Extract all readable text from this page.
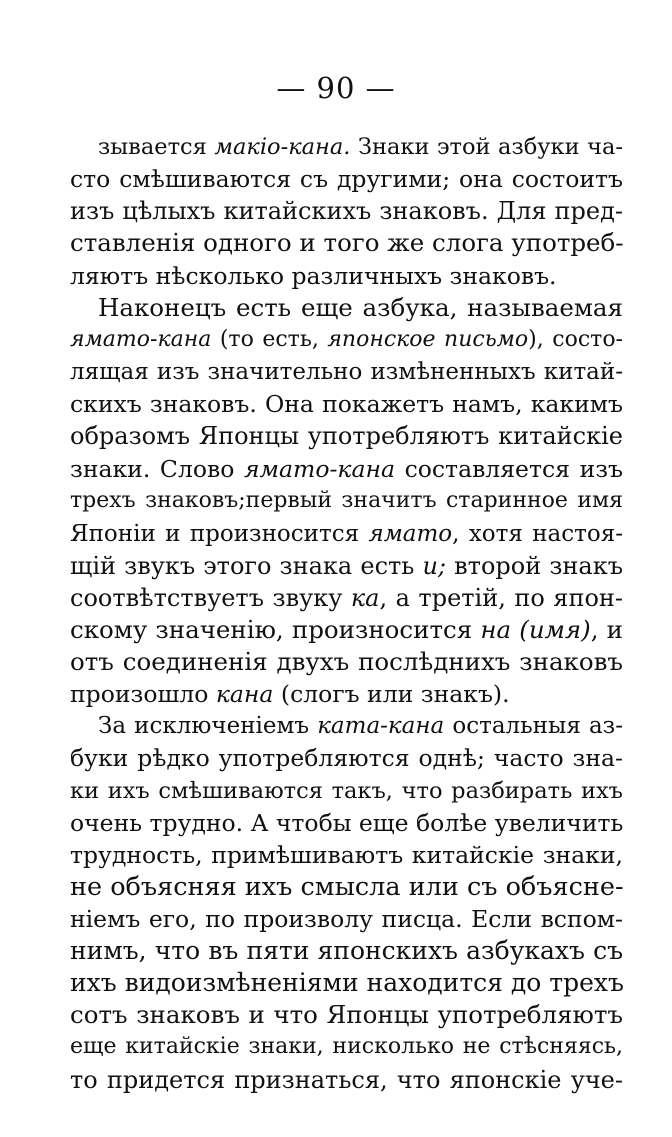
— 90 —
зывается макiо-кана. Знаки этой азбуки ча-
сто смѣшиваются съ другими; она состоитъ
изъ цѣлыхъ китайскихъ знаковъ. Для пред-
ставленiя одного и того же слога употреб-
ляютъ нѣсколько различныхъ знаковъ.
Наконецъ есть еще азбука, называемая
ямато-кана (то есть, японское письмо), состо-
лящая изъ значительно измѣненныхъ китай-
скихъ знаковъ. Она покажетъ намъ, какимъ
образомъ Японцы употребляютъ китайскiе
знаки. Слово ямато-кана составляется изъ
трехъ знаковъ;первый значитъ старинное имя
Японiи и произносится ямато, хотя настоя-
щiй звукъ этого знака есть и; второй знакъ
соотвѣтствуетъ звуку ка, а третiй, по япон-
скому значенiю, произносится на (имя), и
отъ соединенiя двухъ послѣднихъ знаковъ
произошло кана (слогъ или знакъ).
За исключенiемъ ката-кана остальныя аз-
буки рѣдко употребляются однѣ; часто зна-
ки ихъ смѣшиваются такъ, что разбирать ихъ
очень трудно. А чтобы еще болѣе увеличить
трудность, примѣшиваютъ китайскiе знаки,
не объясняя ихъ смысла или съ объясне-
нiемъ его, по произволу писца. Если вспом-
нимъ, что въ пяти японскихъ азбукахъ съ
ихъ видоизмѣненiями находится до трехъ
сотъ знаковъ и что Японцы употребляютъ
еще китайскiе знаки, нисколько не стѣсняясь,
то придется признаться, что японскiе уче-
